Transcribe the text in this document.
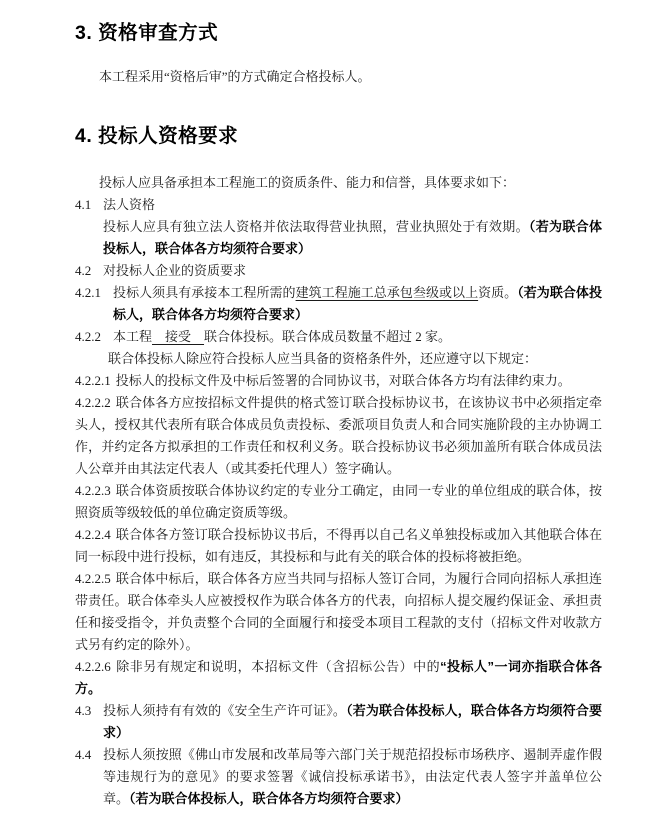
3. 资格审查方式
本工程采用“资格后审”的方式确定合格投标人。
4. 投标人资格要求
投标人应具备承担本工程施工的资质条件、能力和信誉，具体要求如下：
4.1 法人资格
投标人应具有独立法人资格并依法取得营业执照，营业执照处于有效期。（若为联合体投标人，联合体各方均须符合要求）
4.2 对投标人企业的资质要求
4.2.1 投标人须具有承接本工程所需的建筑工程施工总承包叁级或以上资质。（若为联合体投标人，联合体各方均须符合要求）
4.2.2 本工程　接受　联合体投标。联合体成员数量不超过 2 家。
联合体投标人除应符合投标人应当具备的资格条件外，还应遵守以下规定：
4.2.2.1 投标人的投标文件及中标后签署的合同协议书，对联合体各方均有法律约束力。
4.2.2.2 联合体各方应按招标文件提供的格式签订联合投标协议书，在该协议书中必须指定牵头人，授权其代表所有联合体成员负责投标、委派项目负责人和合同实施阶段的主办协调工作，并约定各方拟承担的工作责任和权利义务。联合投标协议书必须加盖所有联合体成员法人公章并由其法定代表人（或其委托代理人）签字确认。
4.2.2.3 联合体资质按联合体协议约定的专业分工确定，由同一专业的单位组成的联合体，按照资质等级较低的单位确定资质等级。
4.2.2.4 联合体各方签订联合投标协议书后，不得再以自己名义单独投标或加入其他联合体在同一标段中进行投标，如有违反，其投标和与此有关的联合体的投标将被拒绝。
4.2.2.5 联合体中标后，联合体各方应当共同与招标人签订合同，为履行合同向招标人承担连带责任。联合体牵头人应被授权作为联合体各方的代表，向招标人提交履约保证金、承担责任和接受指令，并负责整个合同的全面履行和接受本项目工程款的支付（招标文件对收款方式另有约定的除外）。
4.2.2.6 除非另有规定和说明，本招标文件（含招标公告）中的“投标人”一词亦指联合体各方。
4.3 投标人须持有有效的《安全生产许可证》。（若为联合体投标人，联合体各方均须符合要求）
4.4 投标人须按照《佛山市发展和改革局等六部门关于规范招投标市场秩序、遏制弄虚作假等违规行为的意见》的要求签署《诚信投标承诺书》，由法定代表人签字并盖单位公章。（若为联合体投标人，联合体各方均须符合要求）
